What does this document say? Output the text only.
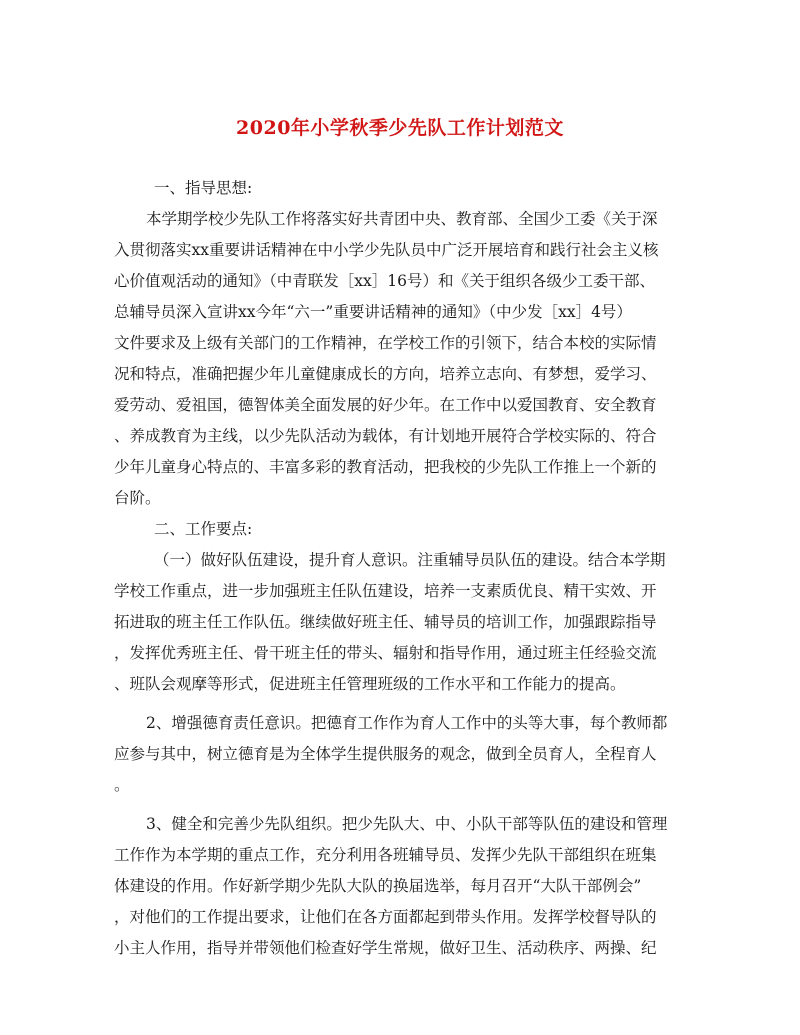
2020年小学秋季少先队工作计划范文
一、指导思想:
本学期学校少先队工作将落实好共青团中央、教育部、全国少工委《关于深
入贯彻落实xx重要讲话精神在中小学少先队员中广泛开展培育和践行社会主义核
心价值观活动的通知》（中青联发［xx］16号）和《关于组织各级少工委干部、
总辅导员深入宣讲xx今年“六一”重要讲话精神的通知》（中少发［xx］4号）
文件要求及上级有关部门的工作精神，在学校工作的引领下，结合本校的实际情
况和特点，准确把握少年儿童健康成长的方向，培养立志向、有梦想，爱学习、
爱劳动、爱祖国，德智体美全面发展的好少年。在工作中以爱国教育、安全教育
、养成教育为主线，以少先队活动为载体，有计划地开展符合学校实际的、符合
少年儿童身心特点的、丰富多彩的教育活动，把我校的少先队工作推上一个新的
台阶。
二、工作要点:
（一）做好队伍建设，提升育人意识。注重辅导员队伍的建设。结合本学期
学校工作重点，进一步加强班主任队伍建设，培养一支素质优良、精干实效、开
拓进取的班主任工作队伍。继续做好班主任、辅导员的培训工作，加强跟踪指导
，发挥优秀班主任、骨干班主任的带头、辐射和指导作用，通过班主任经验交流
、班队会观摩等形式，促进班主任管理班级的工作水平和工作能力的提高。
2、增强德育责任意识。把德育工作作为育人工作中的头等大事，每个教师都
应参与其中，树立德育是为全体学生提供服务的观念，做到全员育人，全程育人
。
3、健全和完善少先队组织。把少先队大、中、小队干部等队伍的建设和管理
工作作为本学期的重点工作，充分利用各班辅导员、发挥少先队干部组织在班集
体建设的作用。作好新学期少先队大队的换届选举，每月召开“大队干部例会”
，对他们的工作提出要求，让他们在各方面都起到带头作用。发挥学校督导队的
小主人作用，指导并带领他们检查好学生常规，做好卫生、活动秩序、两操、纪
